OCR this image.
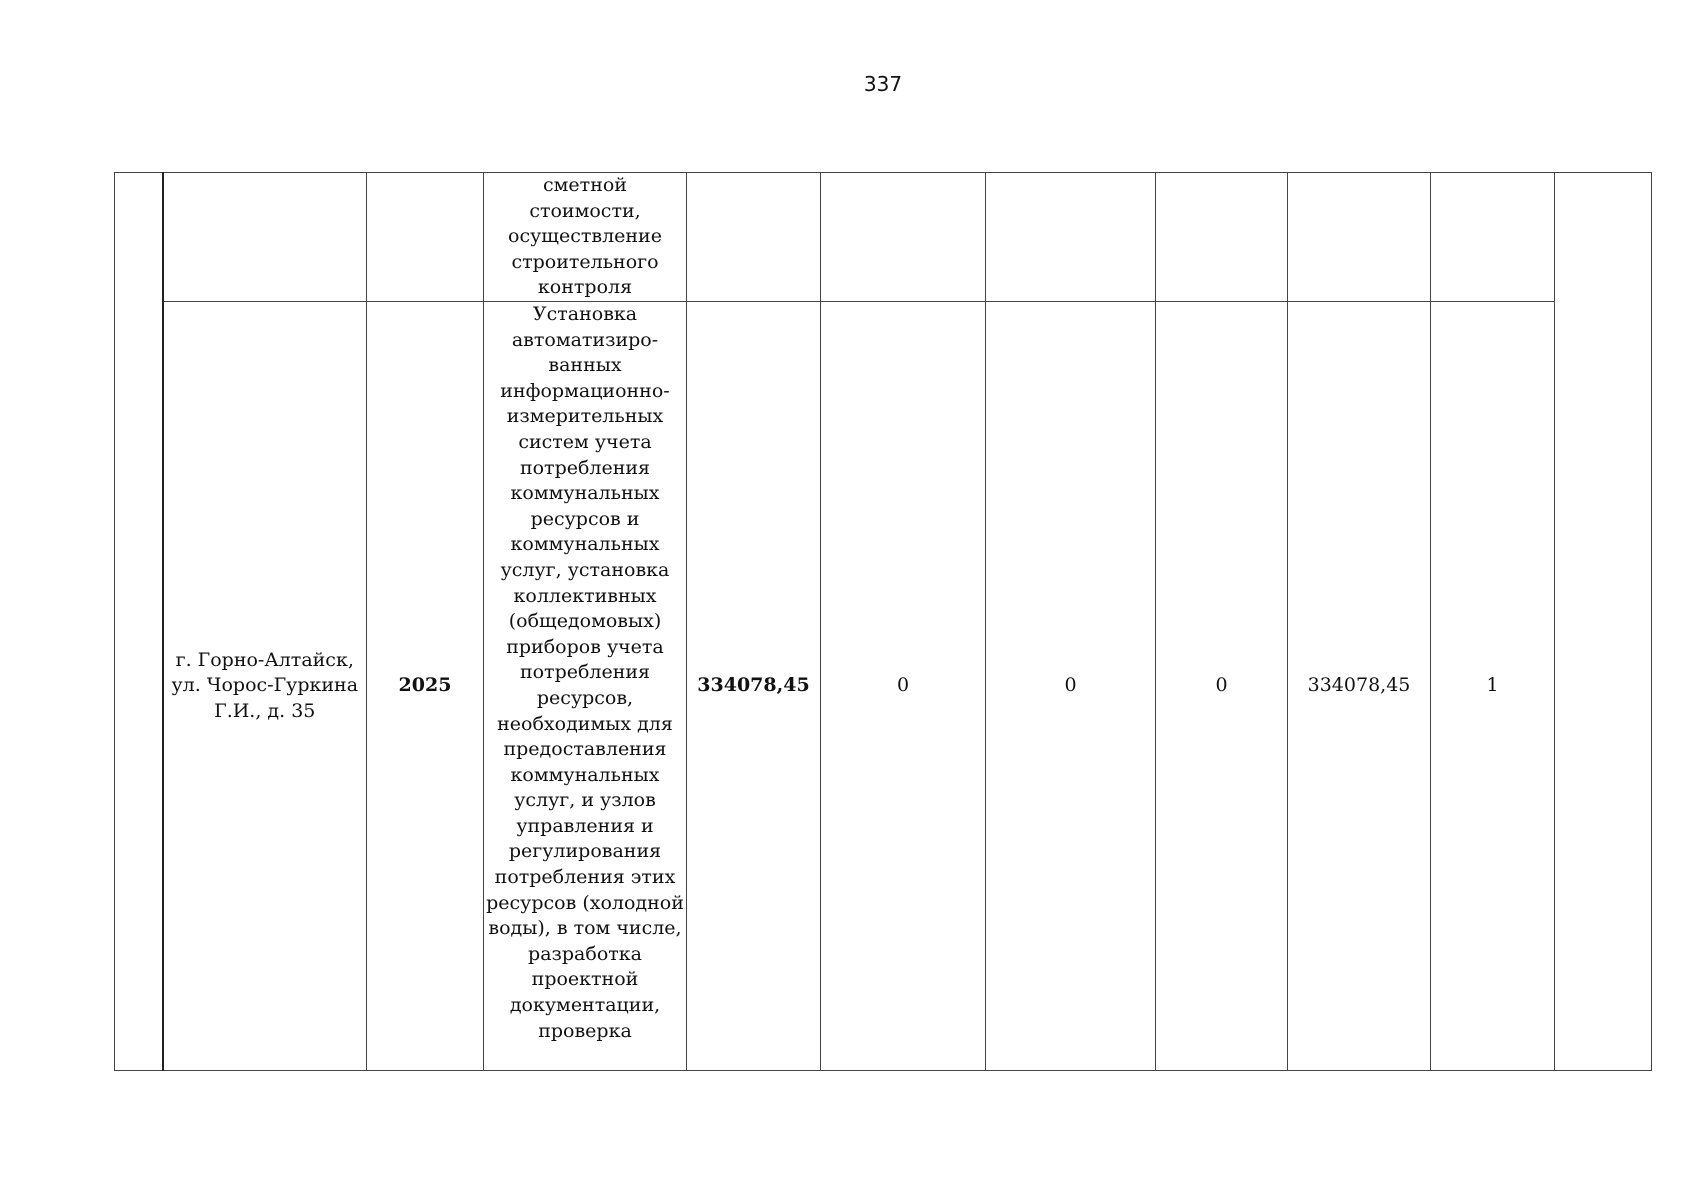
337
			сметной стоимости, осуществление строительного контроля							
	г. Горно-Алтайск, ул. Чорос-Гуркина Г.И., д. 35	2025	Установка автоматизиро-ванных информационно-измерительных систем учета потребления коммунальных ресурсов и коммунальных услуг, установка коллективных (общедомовых) приборов учета потребления ресурсов, необходимых для предоставления коммунальных услуг, и узлов управления и регулирования потребления этих ресурсов (холодной воды), в том числе, разработка проектной документации, проверка	334078,45	0	0	0	334078,45	1	
